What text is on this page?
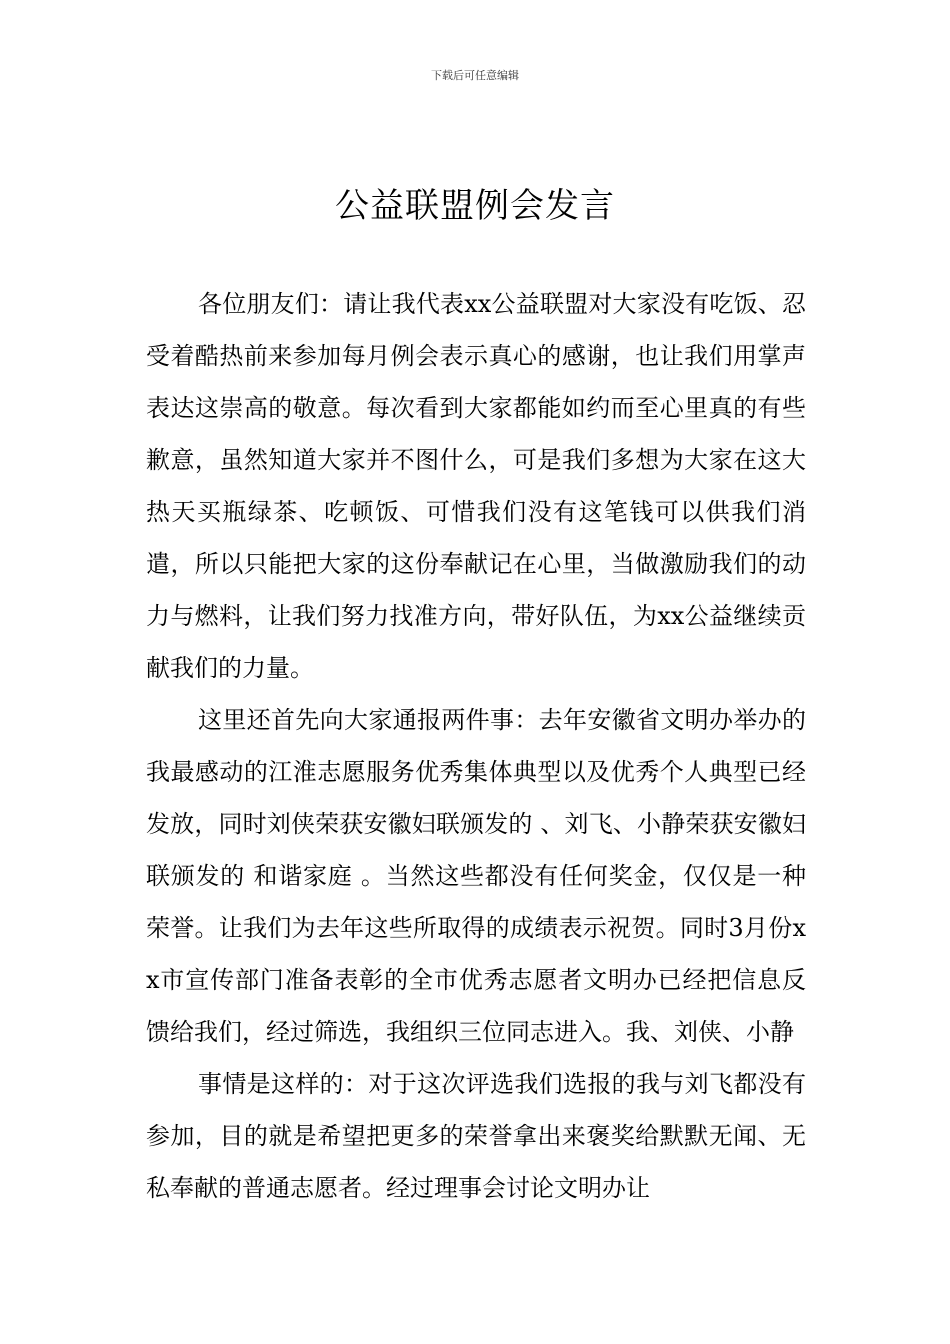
下载后可任意编辑
公益联盟例会发言

各位朋友们：请让我代表xx公益联盟对大家没有吃饭、忍受着酷热前来参加每月例会表示真心的感谢，也让我们用掌声表达这崇高的敬意。每次看到大家都能如约而至心里真的有些歉意，虽然知道大家并不图什么，可是我们多想为大家在这大热天买瓶绿茶、吃顿饭、可惜我们没有这笔钱可以供我们消遣，所以只能把大家的这份奉献记在心里，当做激励我们的动力与燃料，让我们努力找准方向，带好队伍，为xx公益继续贡献我们的力量。

这里还首先向大家通报两件事：去年安徽省文明办举办的我最感动的江淮志愿服务优秀集体典型以及优秀个人典型已经发放，同时刘侠荣获安徽妇联颁发的 、刘飞、小静荣获安徽妇联颁发的 和谐家庭 。当然这些都没有任何奖金，仅仅是一种荣誉。让我们为去年这些所取得的成绩表示祝贺。同时3月份xx市宣传部门准备表彰的全市优秀志愿者文明办已经把信息反馈给我们，经过筛选，我组织三位同志进入。我、刘侠、小静

事情是这样的：对于这次评选我们选报的我与刘飞都没有参加，目的就是希望把更多的荣誉拿出来褒奖给默默无闻、无私奉献的普通志愿者。经过理事会讨论文明办让
